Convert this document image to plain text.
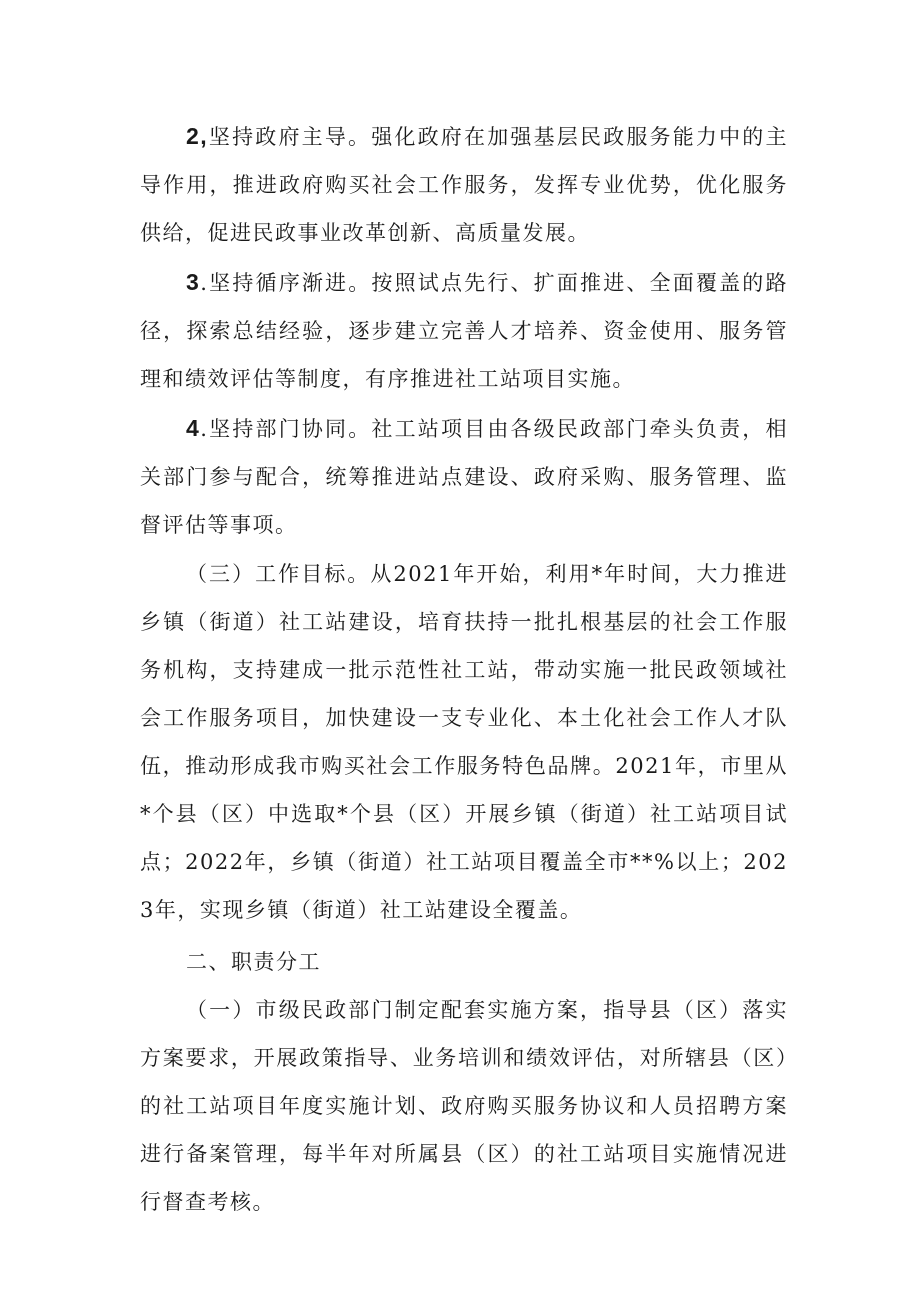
2,坚持政府主导。强化政府在加强基层民政服务能力中的主导作用，推进政府购买社会工作服务，发挥专业优势，优化服务供给，促进民政事业改革创新、高质量发展。

3.坚持循序渐进。按照试点先行、扩面推进、全面覆盖的路径，探索总结经验，逐步建立完善人才培养、资金使用、服务管理和绩效评估等制度，有序推进社工站项目实施。

4.坚持部门协同。社工站项目由各级民政部门牵头负责，相关部门参与配合，统筹推进站点建设、政府采购、服务管理、监督评估等事项。

（三）工作目标。从2021年开始，利用*年时间，大力推进乡镇（街道）社工站建设，培育扶持一批扎根基层的社会工作服务机构，支持建成一批示范性社工站，带动实施一批民政领域社会工作服务项目，加快建设一支专业化、本土化社会工作人才队伍，推动形成我市购买社会工作服务特色品牌。2021年，市里从*个县（区）中选取*个县（区）开展乡镇（街道）社工站项目试点；2022年，乡镇（街道）社工站项目覆盖全市**%以上；2023年，实现乡镇（街道）社工站建设全覆盖。

二、职责分工

（一）市级民政部门制定配套实施方案，指导县（区）落实方案要求，开展政策指导、业务培训和绩效评估，对所辖县（区）的社工站项目年度实施计划、政府购买服务协议和人员招聘方案进行备案管理，每半年对所属县（区）的社工站项目实施情况进行督查考核。
